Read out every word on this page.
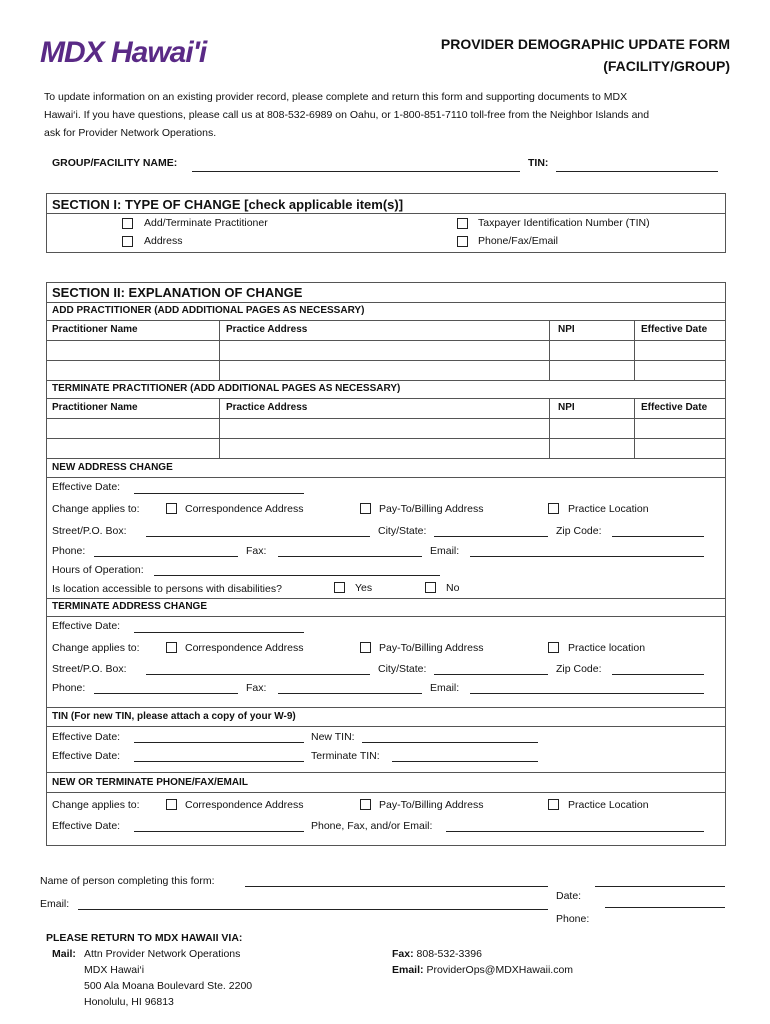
MDX Hawai'i	PROVIDER DEMOGRAPHIC UPDATE FORM
(FACILITY/GROUP)
To update information on an existing provider record, please complete and return this form and supporting documents to MDX
Hawai‘i. If you have questions, please call us at 808-532-6989 on Oahu, or 1-800-851-7110 toll-free from the Neighbor Islands and
ask for Provider Network Operations.
GROUP/FACILITY NAME:	TIN:
SECTION I: TYPE OF CHANGE [check applicable item(s)]
Add/Terminate Practitioner
Address
Taxpayer Identification Number (TIN)
Phone/Fax/Email
SECTION II: EXPLANATION OF CHANGE
ADD PRACTITIONER (ADD ADDITIONAL PAGES AS NECESSARY)
Practitioner Name	Practice Address	NPI	Effective Date
TERMINATE PRACTITIONER (ADD ADDITIONAL PAGES AS NECESSARY)
Practitioner Name	Practice Address	NPI	Effective Date
NEW ADDRESS CHANGE
Effective Date:
Change applies to:	Correspondence Address	Pay-To/Billing Address	Practice Location
Street/P.O. Box:	City/State:	Zip Code:
Phone:	Fax:	Email:
Hours of Operation:
Is location accessible to persons with disabilities?	Yes	No
TERMINATE ADDRESS CHANGE
Effective Date:
Change applies to:	Correspondence Address	Pay-To/Billing Address	Practice location
Street/P.O. Box:	City/State:	Zip Code:
Phone:	Fax:	Email:
TIN (For new TIN, please attach a copy of your W-9)
Effective Date:	New TIN:
Effective Date:	Terminate TIN:
NEW OR TERMINATE PHONE/FAX/EMAIL
Change applies to:	Correspondence Address	Pay-To/Billing Address	Practice Location
Effective Date:	Phone, Fax, and/or Email:
Name of person completing this form:
Date:
Email:
Phone:
PLEASE RETURN TO MDX HAWAII VIA:
Mail: Attn Provider Network Operations
MDX Hawai‘i
500 Ala Moana Boulevard Ste. 2200
Honolulu, HI 96813
Fax: 808-532-3396
Email: ProviderOps@MDXHawaii.com
